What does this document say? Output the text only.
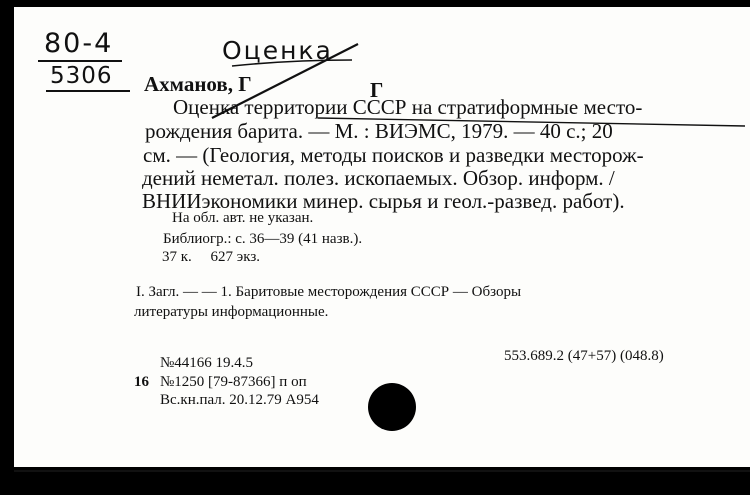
80-4
5306
Оценка
Ахманов, Г	Г
Оценка территории СССР на стратиформные место-
рождения барита. — М. : ВИЭМС, 1979. — 40 с.; 20
см. — (Геология, методы поисков и разведки месторож-
дений неметал. полез. ископаемых. Обзор. информ. /
ВНИИэкономики минер. сырья и геол.-развед. работ).
На обл. авт. не указан.
Библиогр.: с. 36—39 (41 назв.).
37 к.     627 экз.
I. Загл. — — 1. Баритовые месторождения СССР — Обзоры
литературы информационные.
553.689.2 (47+57) (048.8)
№44166 19.4.5
16 №1250 [79-87366] п оп
Вс.кн.пал. 20.12.79 А954
